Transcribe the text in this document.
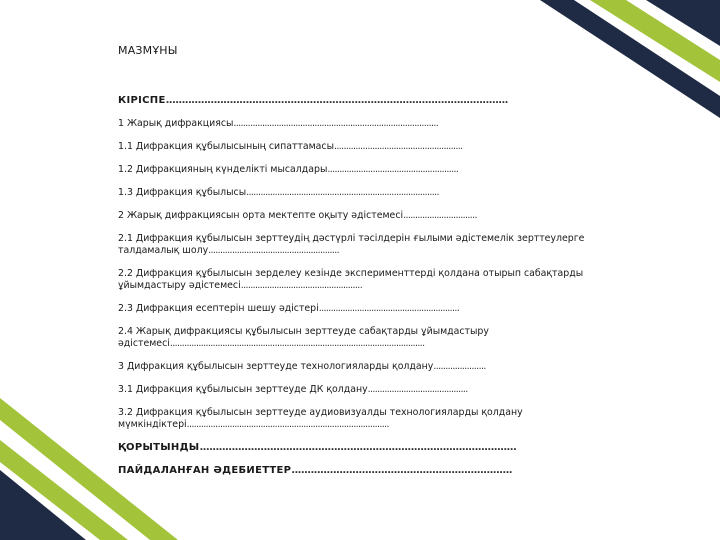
МАЗМҰНЫ
КІРІСПЕ...........................................................................................................
1 Жарық дифракциясы......................................................................................
1.1 Дифракция құбылысының сипаттамасы......................................................
1.2 Дифракцияның күнделікті мысалдары.......................................................
1.3 Дифракция құбылысы.................................................................................
2 Жарық дифракциясын орта мектепте оқыту әдістемесі...............................
2.1 Дифракция құбылысын зерттеудің дәстүрлі тәсілдерін ғылыми әдістемелік зерттеулерге талдамалық шолу.......................................................
2.2 Дифракция құбылысын зерделеу кезінде эксперименттерді қолдана отырып сабақтарды ұйымдастыру әдістемесі...................................................
2.3 Дифракция есептерін шешу әдістері...........................................................
2.4 Жарық дифракциясы құбылысын зерттеуде сабақтарды ұйымдастыру әдістемесі...........................................................................................................
3 Дифракция құбылысын зерттеуде технологияларды қолдану......................
3.1 Дифракция құбылысын зерттеуде ДК қолдану..........................................
3.2 Дифракция құбылысын зерттеуде аудиовизуалды технологияларды қолдану мүмкіндіктері.....................................................................................
ҚОРЫТЫНДЫ...................................................................................................
ПАЙДАЛАНҒАН ӘДЕБИЕТТЕР.....................................................................
